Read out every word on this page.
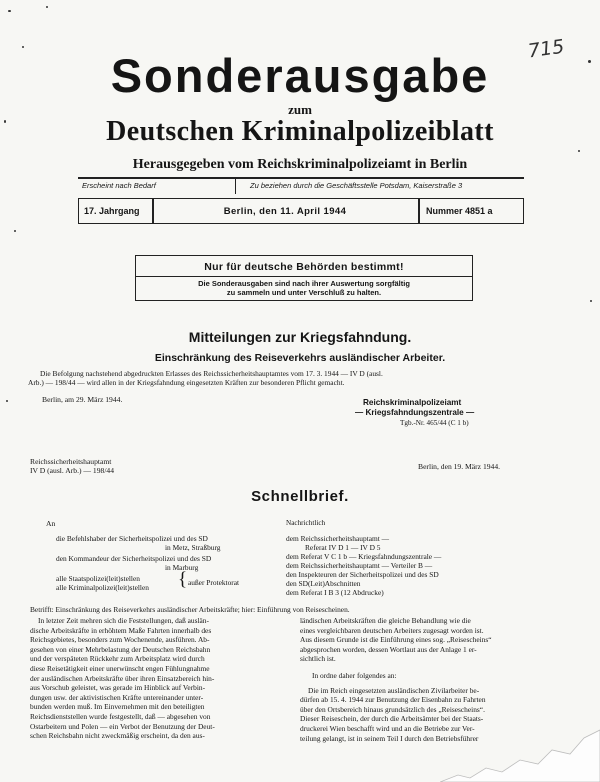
715
Sonderausgabe
zum
Deutschen Kriminalpolizeiblatt
Herausgegeben vom Reichskriminalpolizeiamt in Berlin
Erscheint nach Bedarf	Zu beziehen durch die Geschäftsstelle Potsdam, Kaiserstraße 3
17. Jahrgang	Berlin, den 11. April 1944	Nummer 4851 a
Nur für deutsche Behörden bestimmt!
Die Sonderausgaben sind nach ihrer Auswertung sorgfältig
zu sammeln und unter Verschluß zu halten.
Mitteilungen zur Kriegsfahndung.
Einschränkung des Reiseverkehrs ausländischer Arbeiter.
Die Befolgung nachstehend abgedruckten Erlasses des Reichssicherheitshauptamtes vom 17. 3. 1944 — IV D (ausl.
Arb.) — 198/44 — wird allen in der Kriegsfahndung eingesetzten Kräften zur besonderen Pflicht gemacht.
Berlin, am 29. März 1944.	Reichskriminalpolizeiamt
— Kriegsfahndungszentrale —
Tgb.-Nr. 465/44 (C 1 b)
Reichssicherheitshauptamt
IV D (ausl. Arb.) — 198/44	Berlin, den 19. März 1944.
Schnellbrief.
An
die Befehlshaber der Sicherheitspolizei und des SD
in Metz, Straßburg
den Kommandeur der Sicherheitspolizei und des SD
in Marburg
alle Staatspolizei(leit)stellen
alle Kriminalpolizei(leit)stellen { außer Protektorat
Nachrichtlich
dem Reichssicherheitshauptamt —
Referat IV D 1 — IV D 5
dem Referat V C 1 b — Kriegsfahndungszentrale —
dem Reichssicherheitshauptamt — Verteiler B —
den Inspekteuren der Sicherheitspolizei und des SD
den SD(Leit)Abschnitten
dem Referat I B 3 (12 Abdrucke)
Betrifft: Einschränkung des Reiseverkehrs ausländischer Arbeitskräfte; hier: Einführung von Reisescheinen.
In letzter Zeit mehren sich die Feststellungen, daß auslän-
dische Arbeitskräfte in erhöhtem Maße Fahrten innerhalb des
Reichsgebietes, besonders zum Wochenende, ausführen. Ab-
gesehen von einer Mehrbelastung der Deutschen Reichsbahn
und der verspäteten Rückkehr zum Arbeitsplatz wird durch
diese Reisetätigkeit einer unerwünscht engen Fühlungnahme
der ausländischen Arbeitskräfte über ihren Einsatzbereich hin-
aus Vorschub geleistet, was gerade im Hinblick auf Verbin-
dungen usw. der aktivistischen Kräfte untereinander unter-
bunden werden muß. Im Einvernehmen mit den beteiligten
Reichsdienststellen wurde festgestellt, daß — abgesehen von
Ostarbeitern und Polen — ein Verbot der Benutzung der Deut-
schen Reichsbahn nicht zweckmäßig erscheint, da den aus-
ländischen Arbeitskräften die gleiche Behandlung wie die
eines vergleichbaren deutschen Arbeiters zugesagt worden ist.
Aus diesem Grunde ist die Einführung eines sog. „Reisescheins“
abgesprochen worden, dessen Wortlaut aus der Anlage 1 er-
sichtlich ist.
In ordne daher folgendes an:
Die im Reich eingesetzten ausländischen Zivilarbeiter be-
dürfen ab 15. 4. 1944 zur Benutzung der Eisenbahn zu Fahrten
über den Ortsbereich hinaus grundsätzlich des „Reisescheins“.
Dieser Reiseschein, der durch die Arbeitsämter bei der Staats-
druckerei Wien beschafft wird und an die Betriebe zur Ver-
teilung gelangt, ist in seinem Teil I durch den Betriebsführer
